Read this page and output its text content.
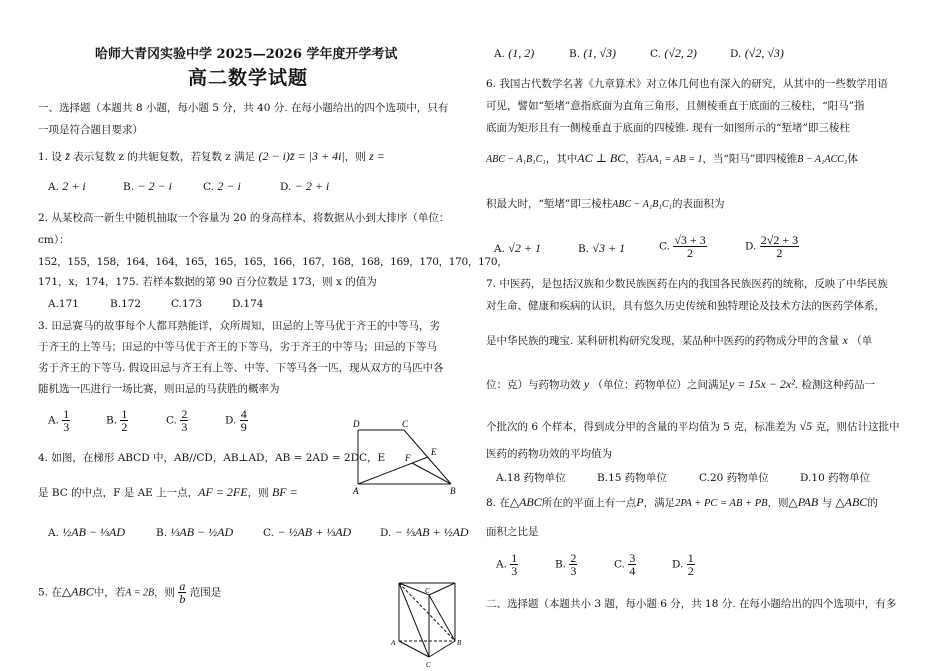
哈师大青冈实验中学 2025—2026 学年度开学考试
高二数学试题
一、选择题（本题共 8 小题，每小题 5 分，共 40 分. 在每小题给出的四个选项中，只有
一项是符合题目要求）
1. 设 z̄ 表示复数 z 的共轭复数，若复数 z 满足 (2 − i)z̄ = |3 + 4i|，则 z =
A. 2 + i	B. − 2 − i	C. 2 − i	D. − 2 + i
2. 从某校高一新生中随机抽取一个容量为 20 的身高样本，将数据从小到大排序（单位：
cm）：
152，155，158，164，164，165，165，165，166，167，168，168，169，170，170，170，
171，x，174，175. 若样本数据的第 90 百分位数是 173，则 x 的值为
A.171	B.172	C.173	D.174
3. 田忌赛马的故事每个人都耳熟能详，众所周知，田忌的上等马优于齐王的中等马，劣
于齐王的上等马；田忌的中等马优于齐王的下等马，劣于齐王的中等马；田忌的下等马
劣于齐王的下等马. 假设田忌与齐王有上等、中等、下等马各一匹，现从双方的马匹中各
随机选一匹进行一场比赛，则田忌的马获胜的概率为
A. $\frac{1}{3}$	B. $\frac{1}{2}$	C. $\frac{2}{3}$	D. $\frac{4}{9}$	D	C
F
E
A	B
4. 如图，在梯形 ABCD 中，AB//CD，AB⊥AD，AB = 2AD = 2DC，E
是 BC 的中点，F 是 AE 上一点，AF = 2FE，则 BF =
A. ½AB − ⅓AD	B. ⅓AB − ½AD	C. − ½AB + ⅓AD	D. − ⅓AB + ½AD
5. 在△ABC中，若A = 2B，则 $\frac{a}{b}$ 范围是	C
A	B
C
A. (1, 2)	B. (1, √3)	C. (√2, 2)	D. (√2, √3)
6. 我国古代数学名著《九章算术》对立体几何也有深入的研究，从其中的一些数学用语
可见，譬如“堑堵”意指底面为直角三角形，且侧棱垂直于底面的三棱柱，“阳马”指
底面为矩形且有一侧棱垂直于底面的四棱锥. 现有一如图所示的“堑堵”即三棱柱
ABC − A₁B₁C₁，其中AC ⊥ BC，若AA₁ = AB = 1，当“阳马”即四棱锥B − A₁ACC₁体
积最大时，“堑堵”即三棱柱ABC − A₁B₁C₁的表面积为
A. √2 + 1	B. √3 + 1	C. $\frac{√3 + 3}{2}$	D. $\frac{2√2 + 3}{2}$
7. 中医药，是包括汉族和少数民族医药在内的我国各民族医药的统称，反映了中华民族
对生命、健康和疾病的认识，具有悠久历史传统和独特理论及技术方法的医药学体系，
是中华民族的瑰宝. 某科研机构研究发现，某品种中医药的药物成分甲的含量 x （单
位：克）与药物功效 y （单位：药物单位）之间满足y = 15x − 2x². 检测这种药品一
个批次的 6 个样本，得到成分甲的含量的平均值为 5 克，标准差为 √5 克，则估计这批中
医药的药物功效的平均值为
A.18 药物单位	B.15 药物单位	C.20 药物单位	D.10 药物单位
8. 在△ABC所在的平面上有一点P，满足2PA + PC = AB + PB，则△PAB 与 △ABC的
面积之比是
A. $\frac{1}{3}$	B. $\frac{2}{3}$	C. $\frac{3}{4}$	D. $\frac{1}{2}$
二、选择题（本题共小 3 题，每小题 6 分，共 18 分. 在每小题给出的四个选项中，有多
